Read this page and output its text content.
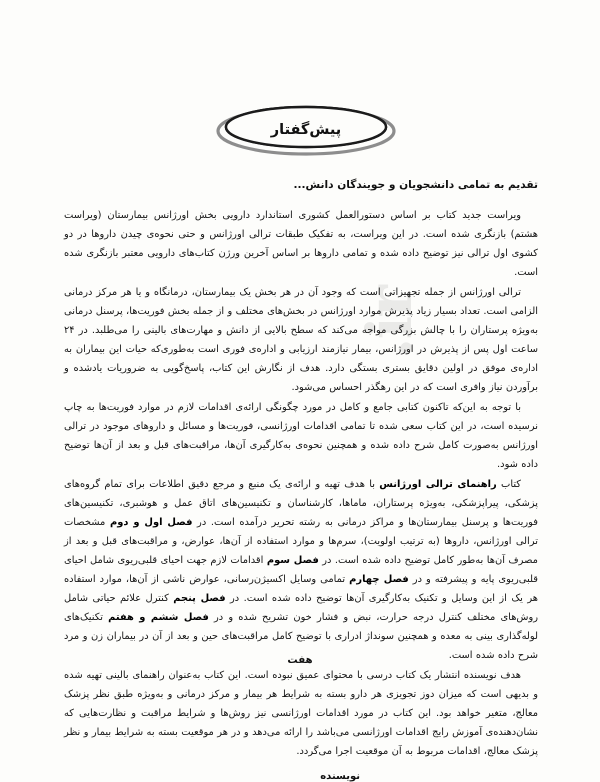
.ir
پیش‌گفتار
تقدیم به تمامی دانشجویان و جویندگان دانش...

ویراست جدید کتاب بر اساس دستورالعمل کشوری استاندارد دارویی بخش اورژانس بیمارستان (ویراست هشتم) بازنگری شده است. در این ویراست، به تفکیک طبقات ترالی اورژانس و حتی نحوه‌ی چیدن داروها در دو کشوی اول ترالی نیز توضیح داده شده و تمامی داروها بر اساس آخرین ورژن کتاب‌های دارویی معتبر بازنگری شده است.

ترالی اورژانس از جمله تجهیزاتی است که وجود آن در هر بخش یک بیمارستان، درمانگاه و یا هر مرکز درمانی الزامی است. تعداد بسیار زیاد پذیرش موارد اورژانس در بخش‌های مختلف و از جمله بخش فوریت‌ها، پرسنل درمانی به‌ویژه پرستاران را با چالش بزرگی مواجه می‌کند که سطح بالایی از دانش و مهارت‌های بالینی را می‌طلبد. در ۲۴ ساعت اول پس از پذیرش در اورژانس، بیمار نیازمند ارزیابی و اداره‌ی فوری است به‌طوری‌که حیات این بیماران به اداره‌ی موفق در اولین دقایق بستری بستگی دارد. هدف از نگارش این کتاب، پاسخ‌گویی به ضروریات یادشده و برآوردن نیاز وافری است که در این رهگذر احساس می‌شود.

با توجه به این‌که تاکنون کتابی جامع و کامل در مورد چگونگی ارائه‌ی اقدامات لازم در موارد فوریت‌ها به چاپ نرسیده است، در این کتاب سعی شده تا تمامی اقدامات اورژانسی، فوریت‌ها و مسائل و داروهای موجود در ترالی اورژانس به‌صورت کامل شرح داده شده و همچنین نحوه‌ی به‌کارگیری آن‌ها، مراقبت‌های قبل و بعد از آن‌ها توضیح داده شود.

کتاب راهنمای ترالی اورژانس با هدف تهیه و ارائه‌ی یک منبع و مرجع دقیق اطلاعات برای تمام گروه‌های پزشکی، پیراپزشکی، به‌ویژه پرستاران، ماماها، کارشناسان و تکنیسین‌های اتاق عمل و هوشبری، تکنیسین‌های فوریت‌ها و پرسنل بیمارستان‌ها و مراکز درمانی به رشته تحریر درآمده است. در فصل اول و دوم مشخصات ترالی اورژانس، داروها (به ترتیب اولویت)، سرم‌ها و موارد استفاده از آن‌ها، عوارض، و مراقبت‌های قبل و بعد از مصرف آن‌ها به‌طور کامل توضیح داده شده است. در فصل سوم اقدامات لازم جهت احیای قلبی‌ریوی شامل احیای قلبی‌ریوی پایه و پیشرفته و در فصل چهارم تمامی وسایل اکسیژن‌رسانی، عوارض ناشی از آن‌ها، موارد استفاده هر یک از این وسایل و تکنیک به‌کارگیری آن‌ها توضیح داده شده است. در فصل پنجم کنترل علائم حیاتی شامل روش‌های مختلف کنترل درجه حرارت، نبض و فشار خون تشریح شده و در فصل ششم و هفتم تکنیک‌های لوله‌گذاری بینی به معده و همچنین سوند‌اژ ادراری با توضیح کامل مراقبت‌های حین و بعد از آن در بیماران زن و مرد شرح داده شده است.

هدف نویسنده انتشار یک کتاب درسی با محتوای عمیق نبوده است. این کتاب به‌عنوان راهنمای بالینی تهیه شده و بدیهی است که میزان دوز تجویزی هر دارو بسته به شرایط هر بیمار و مرکز درمانی و به‌ویژه طبق نظر پزشک معالج، متغیر خواهد بود. این کتاب در مورد اقدامات اورژانسی نیز روش‌ها و شرایط مراقبت و نظارت‌هایی که نشان‌دهنده‌ی آموزش رایج اقدامات اورژانسی می‌باشد را ارائه می‌دهد و در هر موقعیت بسته به شرایط بیمار و نظر پزشک معالج، اقدامات مربوط به آن موقعیت اجرا می‌گردد.

نویسنده
هفت
